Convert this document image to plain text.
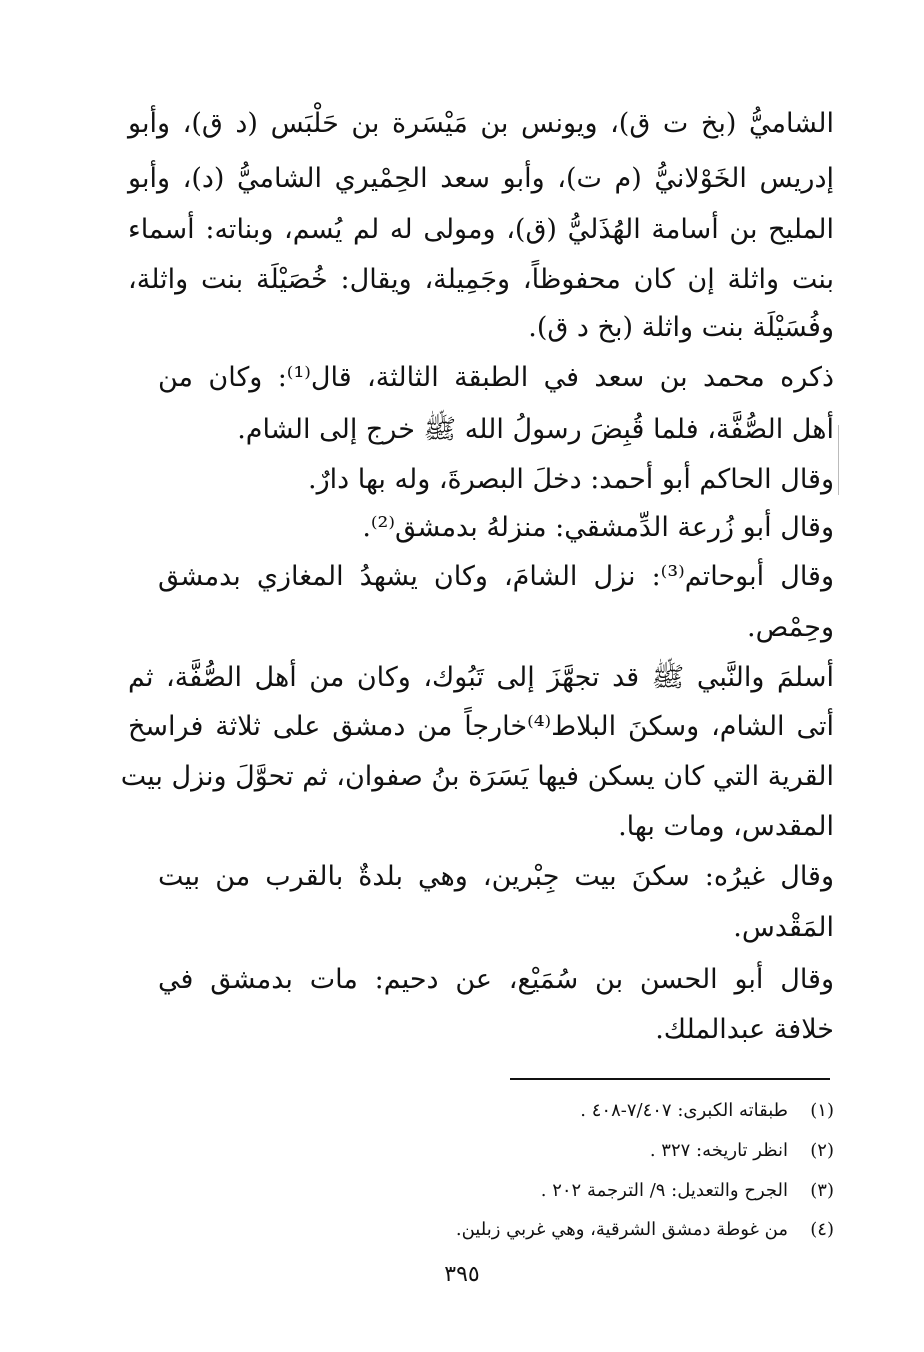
الشاميُّ (بخ ت ق)، ويونس بن مَيْسَرة بن حَلْبَس (د ق)، وأبو
إدريس الخَوْلانيُّ (م ت)، وأبو سعد الحِمْيري الشاميُّ (د)، وأبو
المليح بن أسامة الهُذَليُّ (ق)، ومولى له لم يُسم، وبناته: أسماء
بنت واثلة إن كان محفوظاً، وجَمِيلة، ويقال: خُصَيْلَة بنت واثلة،
وفُسَيْلَة بنت واثلة (بخ د ق).
ذكره محمد بن سعد في الطبقة الثالثة، قال⁽¹⁾: وكان من
أهل الصُّفَّة، فلما قُبِضَ رسولُ الله ﷺ خرج إلى الشام.
وقال الحاكم أبو أحمد: دخلَ البصرةَ، وله بها دارٌ.
وقال أبو زُرعة الدِّمشقي: منزلهُ بدمشق⁽²⁾.
وقال أبوحاتم⁽³⁾: نزل الشامَ، وكان يشهدُ المغازي بدمشق
وحِمْص.
أسلمَ والنَّبي ﷺ قد تجهَّزَ إلى تَبُوك، وكان من أهل الصُّفَّة، ثم
أتى الشام، وسكنَ البلاط⁽⁴⁾خارجاً من دمشق على ثلاثة فراسخ
القرية التي كان يسكن فيها يَسَرَة بنُ صفوان، ثم تحوَّلَ ونزل بيت
المقدس، ومات بها.
وقال غيرُه: سكنَ بيت جِبْرين، وهي بلدةٌ بالقرب من بيت
المَقْدس.
وقال أبو الحسن بن سُمَيْع، عن دحيم: مات بدمشق في
خلافة عبدالملك.
(١)طبقاته الكبرى: ٧/٤٠٧-٤٠٨ .
(٢)انظر تاريخه: ٣٢٧ .
(٣)الجرح والتعديل: ٩/ الترجمة ٢٠٢ .
(٤)من غوطة دمشق الشرقية، وهي غربي زبلين.
٣٩٥
